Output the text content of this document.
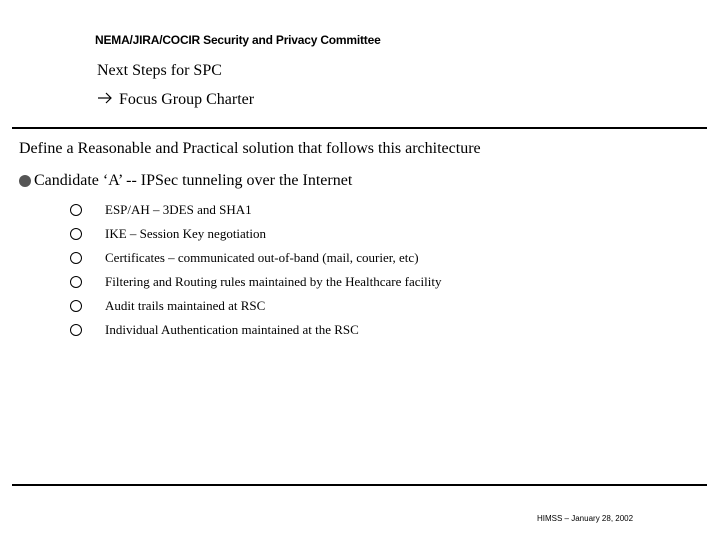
NEMA/JIRA/COCIR Security and Privacy Committee
Next Steps for SPC
Focus Group Charter
Define a Reasonable and Practical solution that follows this architecture
Candidate ‘A’ -- IPSec tunneling over the Internet
ESP/AH – 3DES and SHA1
IKE – Session Key negotiation
Certificates – communicated out-of-band (mail, courier, etc)
Filtering and Routing rules maintained by the Healthcare facility
Audit trails maintained at RSC
Individual Authentication maintained at the RSC
HIMSS – January 28, 2002
